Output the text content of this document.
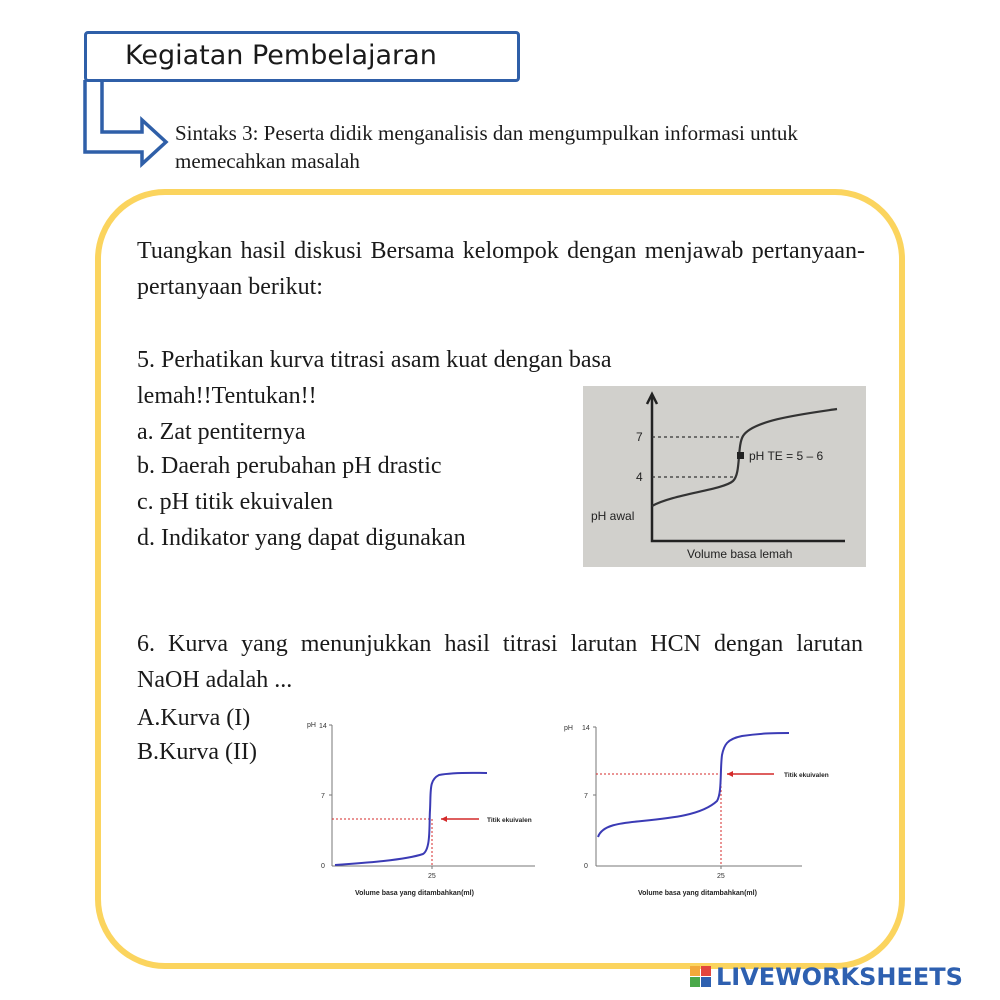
Kegiatan Pembelajaran
Sintaks 3: Peserta didik menganalisis dan mengumpulkan informasi untuk memecahkan masalah
Tuangkan hasil diskusi Bersama kelompok dengan menjawab pertanyaan-pertanyaan berikut:
5. Perhatikan kurva titrasi asam kuat dengan basa
lemah!!Tentukan!!
a. Zat pentiternya
b. Daerah perubahan pH drastic
c. pH titik ekuivalen
d. Indikator yang dapat digunakan
7
4
pH TE = 5 – 6
pH awal
Volume basa lemah
6. Kurva yang menunjukkan hasil titrasi larutan HCN dengan larutan NaOH adalah ...
A.Kurva (I)
B.Kurva (II)
pH 14
7
0
Titik ekuivalen
25
Volume basa yang ditambahkan(ml)
pH 14
7
0
Titik ekuivalen
25
Volume basa yang ditambahkan(ml)
LIVEWORKSHEETS
